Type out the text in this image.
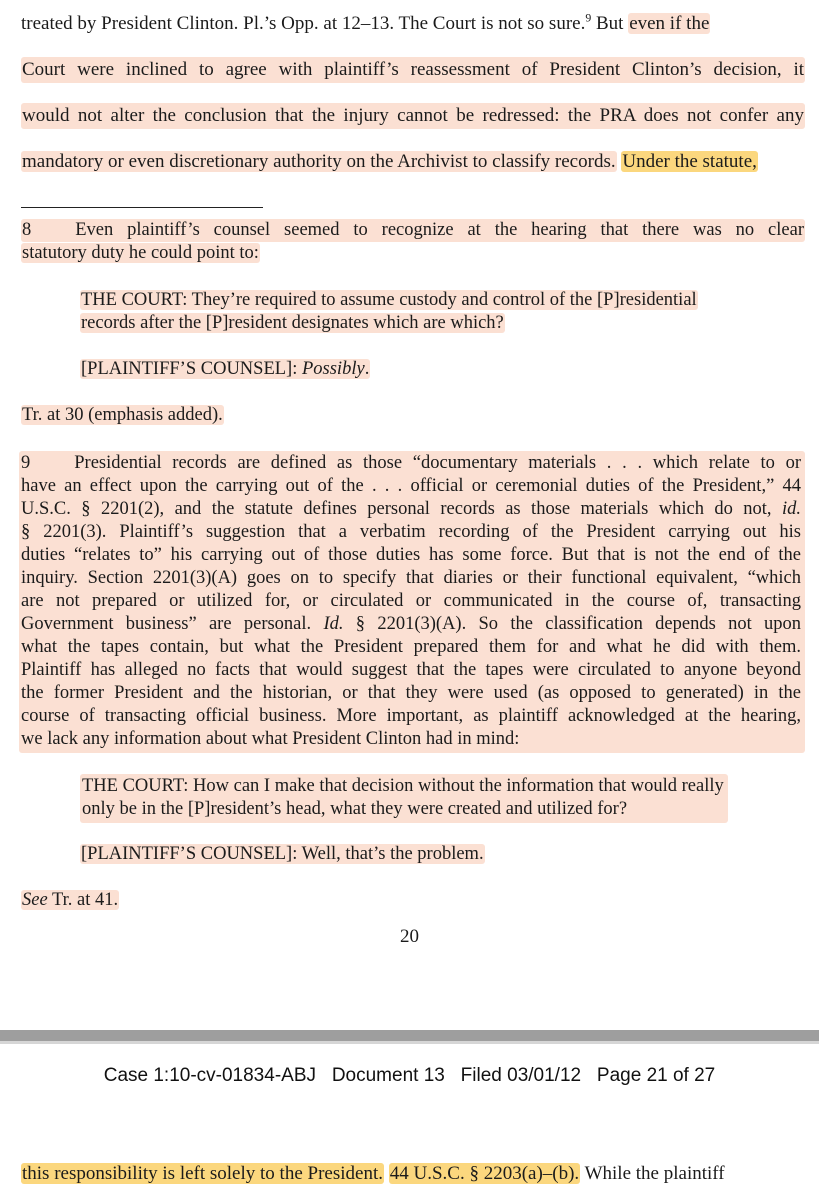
treated by President Clinton. Pl.’s Opp. at 12–13. The Court is not so sure.$^9$ But even if the
Court were inclined to agree with plaintiff’s reassessment of President Clinton’s decision, it
would not alter the conclusion that the injury cannot be redressed: the PRA does not confer any
mandatory or even discretionary authority on the Archivist to classify records. Under the statute,
8 Even plaintiff’s counsel seemed to recognize at the hearing that there was no clear
statutory duty he could point to:
THE COURT: They’re required to assume custody and control of the [P]residential
records after the [P]resident designates which are which?
[PLAINTIFF’S COUNSEL]: Possibly.
Tr. at 30 (emphasis added).
9 Presidential records are defined as those “documentary materials . . . which relate to or
have an effect upon the carrying out of the . . . official or ceremonial duties of the President,” 44
U.S.C. § 2201(2), and the statute defines personal records as those materials which do not, id.
§ 2201(3). Plaintiff’s suggestion that a verbatim recording of the President carrying out his
duties “relates to” his carrying out of those duties has some force. But that is not the end of the
inquiry. Section 2201(3)(A) goes on to specify that diaries or their functional equivalent, “which
are not prepared or utilized for, or circulated or communicated in the course of, transacting
Government business” are personal. Id. § 2201(3)(A). So the classification depends not upon
what the tapes contain, but what the President prepared them for and what he did with them.
Plaintiff has alleged no facts that would suggest that the tapes were circulated to anyone beyond
the former President and the historian, or that they were used (as opposed to generated) in the
course of transacting official business. More important, as plaintiff acknowledged at the hearing,
we lack any information about what President Clinton had in mind:
THE COURT: How can I make that decision without the information that would really
only be in the [P]resident’s head, what they were created and utilized for?
[PLAINTIFF’S COUNSEL]: Well, that’s the problem.
See Tr. at 41.
20
Case 1:10-cv-01834-ABJ   Document 13   Filed 03/01/12   Page 21 of 27
this responsibility is left solely to the President. 44 U.S.C. § 2203(a)–(b). While the plaintiff
